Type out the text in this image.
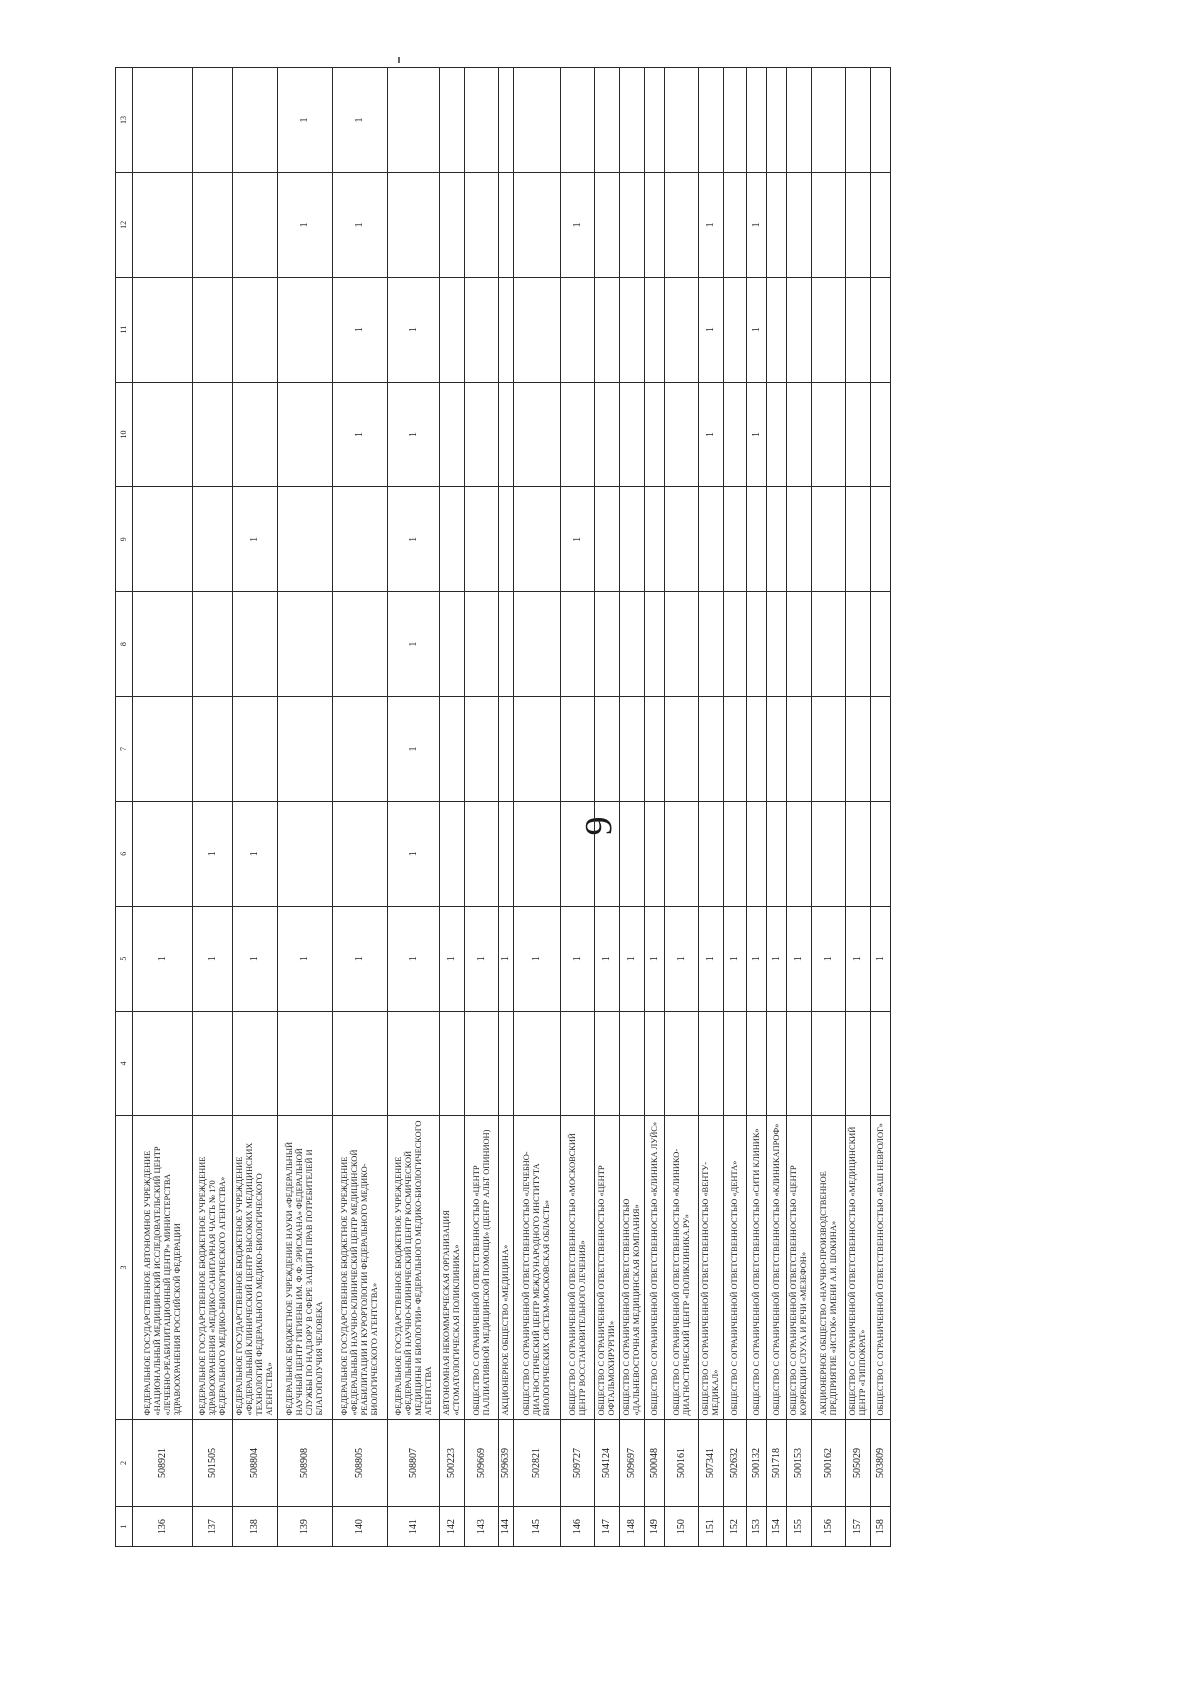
9
1	2	3	4	5	6	7	8	9	10	11	12	13
136	508921	ФЕДЕРАЛЬНОЕ ГОСУДАРСТВЕННОЕ АВТОНОМНОЕ УЧРЕЖДЕНИЕ «НАЦИОНАЛЬНЫЙ МЕДИЦИНСКИЙ ИССЛЕДОВАТЕЛЬСКИЙ ЦЕНТР «ЛЕЧЕБНО-РЕАБИЛИТАЦИОННЫЙ ЦЕНТР» МИНИСТЕРСТВА ЗДРАВООХРАНЕНИЯ РОССИЙСКОЙ ФЕДЕРАЦИИ		1								
137	501505	ФЕДЕРАЛЬНОЕ ГОСУДАРСТВЕННОЕ БЮДЖЕТНОЕ УЧРЕЖДЕНИЕ ЗДРАВООХРАНЕНИЯ «МЕДИКО-САНИТАРНАЯ ЧАСТЬ № 170 ФЕДЕРАЛЬНОГО МЕДИКО-БИОЛОГИЧЕСКОГО АГЕНТСТВА»		1	1							
138	508804	ФЕДЕРАЛЬНОЕ ГОСУДАРСТВЕННОЕ БЮДЖЕТНОЕ УЧРЕЖДЕНИЕ «ФЕДЕРАЛЬНЫЙ КЛИНИЧЕСКИЙ ЦЕНТР ВЫСОКИХ МЕДИЦИНСКИХ ТЕХНОЛОГИЙ ФЕДЕРАЛЬНОГО МЕДИКО-БИОЛОГИЧЕСКОГО АГЕНТСТВА»		1	1			1				
139	508908	ФЕДЕРАЛЬНОЕ БЮДЖЕТНОЕ УЧРЕЖДЕНИЕ НАУКИ «ФЕДЕРАЛЬНЫЙ НАУЧНЫЙ ЦЕНТР ГИГИЕНЫ ИМ. Ф.Ф. ЭРИСМАНА» ФЕДЕРАЛЬНОЙ СЛУЖБЫ ПО НАДЗОРУ В СФЕРЕ ЗАЩИТЫ ПРАВ ПОТРЕБИТЕЛЕЙ И БЛАГОПОЛУЧИЯ ЧЕЛОВЕКА		1							1	1
140	508805	ФЕДЕРАЛЬНОЕ ГОСУДАРСТВЕННОЕ БЮДЖЕТНОЕ УЧРЕЖДЕНИЕ «ФЕДЕРАЛЬНЫЙ НАУЧНО-КЛИНИЧЕСКИЙ ЦЕНТР МЕДИЦИНСКОЙ РЕАБИЛИТАЦИИ И КУРОРТОЛОГИИ ФЕДЕРАЛЬНОГО МЕДИКО-БИОЛОГИЧЕСКОГО АГЕНТСТВА»		1					1	1	1	1
141	508807	ФЕДЕРАЛЬНОЕ ГОСУДАРСТВЕННОЕ БЮДЖЕТНОЕ УЧРЕЖДЕНИЕ «ФЕДЕРАЛЬНЫЙ НАУЧНО-КЛИНИЧЕСКИЙ ЦЕНТР КОСМИЧЕСКОЙ МЕДИЦИНЫ И БИОЛОГИИ» ФЕДЕРАЛЬНОГО МЕДИКО-БИОЛОГИЧЕСКОГО АГЕНТСТВА		1	1	1	1	1	1	1		
142	500223	АВТОНОМНАЯ НЕКОММЕРЧЕСКАЯ ОРГАНИЗАЦИЯ «СТОМАТОЛОГИЧЕСКАЯ ПОЛИКЛИНИКА»		1								
143	509669	ОБЩЕСТВО С ОГРАНИЧЕННОЙ ОТВЕТСТВЕННОСТЬЮ «ЦЕНТР ПАЛЛИАТИВНОЙ МЕДИЦИНСКОЙ ПОМОЩИ» (ЦЕНТР АЛЬТ ОПИНИОН)		1								
144	509639	АКЦИОНЕРНОЕ ОБЩЕСТВО «МЕДИЦИНА»		1								
145	502821	ОБЩЕСТВО С ОГРАНИЧЕННОЙ ОТВЕТСТВЕННОСТЬЮ «ЛЕЧЕБНО-ДИАГНОСТИЧЕСКИЙ ЦЕНТР МЕЖДУНАРОДНОГО ИНСТИТУТА БИОЛОГИЧЕСКИХ СИСТЕМ-МОСКОВСКАЯ ОБЛАСТЬ»		1								
146	509727	ОБЩЕСТВО С ОГРАНИЧЕННОЙ ОТВЕТСТВЕННОСТЬЮ «МОСКОВСКИЙ ЦЕНТР ВОССТАНОВИТЕЛЬНОГО ЛЕЧЕНИЯ»		1				1			1	
147	504124	ОБЩЕСТВО С ОГРАНИЧЕННОЙ ОТВЕТСТВЕННОСТЬЮ «ЦЕНТР ОФТАЛЬМОХИРУРГИИ»		1								
148	509697	ОБЩЕСТВО С ОГРАНИЧЕННОЙ ОТВЕТСТВЕННОСТЬЮ «ДАЛЬНЕВОСТОЧНАЯ МЕДИЦИНСКАЯ КОМПАНИЯ»		1								
149	500048	ОБЩЕСТВО С ОГРАНИЧЕННОЙ ОТВЕТСТВЕННОСТЬЮ «КЛИНИКА ЛУЙС»		1								
150	500161	ОБЩЕСТВО С ОГРАНИЧЕННОЙ ОТВЕТСТВЕННОСТЬЮ «КЛИНИКО-ДИАГНОСТИЧЕСКИЙ ЦЕНТР «ПОЛИКЛИНИКА.РУ»		1								
151	507341	ОБЩЕСТВО С ОГРАНИЧЕННОЙ ОТВЕТСТВЕННОСТЬЮ «ВЕНТУ-МЕДИКАЛ»		1					1	1	1	
152	502632	ОБЩЕСТВО С ОГРАНИЧЕННОЙ ОТВЕТСТВЕННОСТЬЮ «ДЕНТА»		1								
153	500132	ОБЩЕСТВО С ОГРАНИЧЕННОЙ ОТВЕТСТВЕННОСТЬЮ «СИТИ КЛИНИК»		1					1	1	1	
154	501718	ОБЩЕСТВО С ОГРАНИЧЕННОЙ ОТВЕТСТВЕННОСТЬЮ «КЛИНИКАПРОФ»		1								
155	500153	ОБЩЕСТВО С ОГРАНИЧЕННОЙ ОТВЕТСТВЕННОСТЬЮ «ЦЕНТР КОРРЕКЦИИ СЛУХА И РЕЧИ «МЕЗЕФОН»		1								
156	500162	АКЦИОНЕРНОЕ ОБЩЕСТВО «НАУЧНО-ПРОИЗВОДСТВЕННОЕ ПРЕДПРИЯТИЕ «ИСТОК» ИМЕНИ А.И. ШОКИНА»		1								
157	505029	ОБЩЕСТВО С ОГРАНИЧЕННОЙ ОТВЕТСТВЕННОСТЬЮ «МЕДИЦИНСКИЙ ЦЕНТР «ГИППОКРАТ»		1								
158	503809	ОБЩЕСТВО С ОГРАНИЧЕННОЙ ОТВЕТСТВЕННОСТЬЮ «ВАШ НЕВРОЛОГ»		1								
